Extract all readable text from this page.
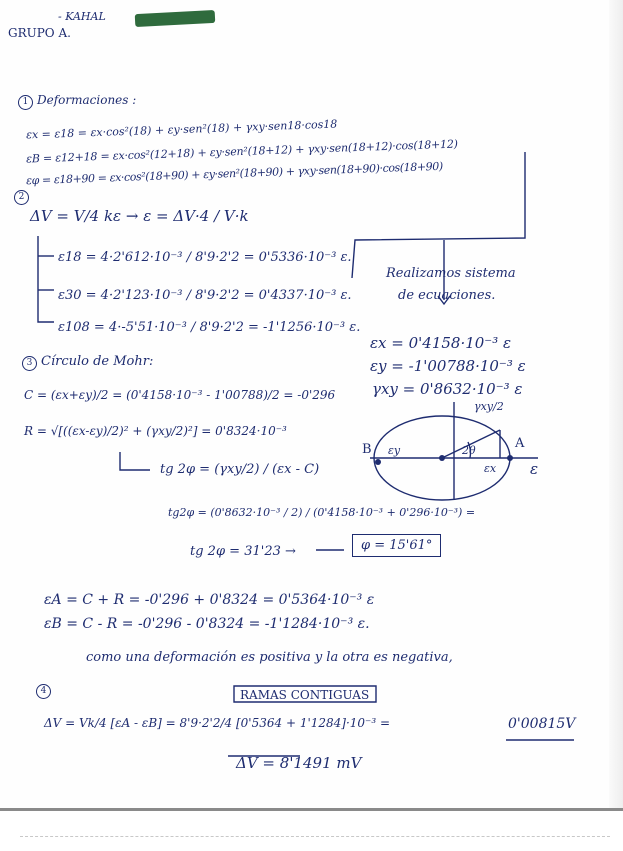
- KAHAL
GRUPO A.
1 Deformaciones :
εx = ε18 = εx·cos²(18) + εy·sen²(18) + γxy·sen18·cos18
εB = ε12+18 = εx·cos²(12+18) + εy·sen²(18+12) + γxy·sen(18+12)·cos(18+12)
εφ = ε18+90 = εx·cos²(18+90) + εy·sen²(18+90) + γxy·sen(18+90)·cos(18+90)
2
ΔV = V/4 kε → ε = ΔV·4 / V·k
ε18 = 4·2'612·10⁻³ / 8'9·2'2 = 0'5336·10⁻³ ε.
ε30 = 4·2'123·10⁻³ / 8'9·2'2 = 0'4337·10⁻³ ε.
ε108 = 4·-5'51·10⁻³ / 8'9·2'2 = -1'1256·10⁻³ ε.
Realizamos sistema
de ecuaciones.
εx = 0'4158·10⁻³ ε
εy = -1'00788·10⁻³ ε
γxy = 0'8632·10⁻³ ε
3 Círculo de Mohr:
C = (εx+εy)/2 = (0'4158·10⁻³ - 1'00788)/2 = -0'296
R = √[((εx-εy)/2)² + (γxy/2)²] = 0'8324·10⁻³
tg 2φ = (γxy/2) / (εx - C)
tg2φ = (0'8632·10⁻³ / 2) / (0'4158·10⁻³ + 0'296·10⁻³) =
tg 2φ = 31'23 →	φ = 15'61°
εA = C + R = -0'296 + 0'8324 = 0'5364·10⁻³ ε
εB = C - R = -0'296 - 0'8324 = -1'1284·10⁻³ ε.
como una deformación es positiva y la otra es negativa,
B	A
ε
γxy/2
2θ
εy
εx
4	RAMAS CONTIGUAS
ΔV = Vk/4 [εA - εB] = 8'9·2'2/4 [0'5364 + 1'1284]·10⁻³ =	0'00815V
ΔV = 8'1491 mV
